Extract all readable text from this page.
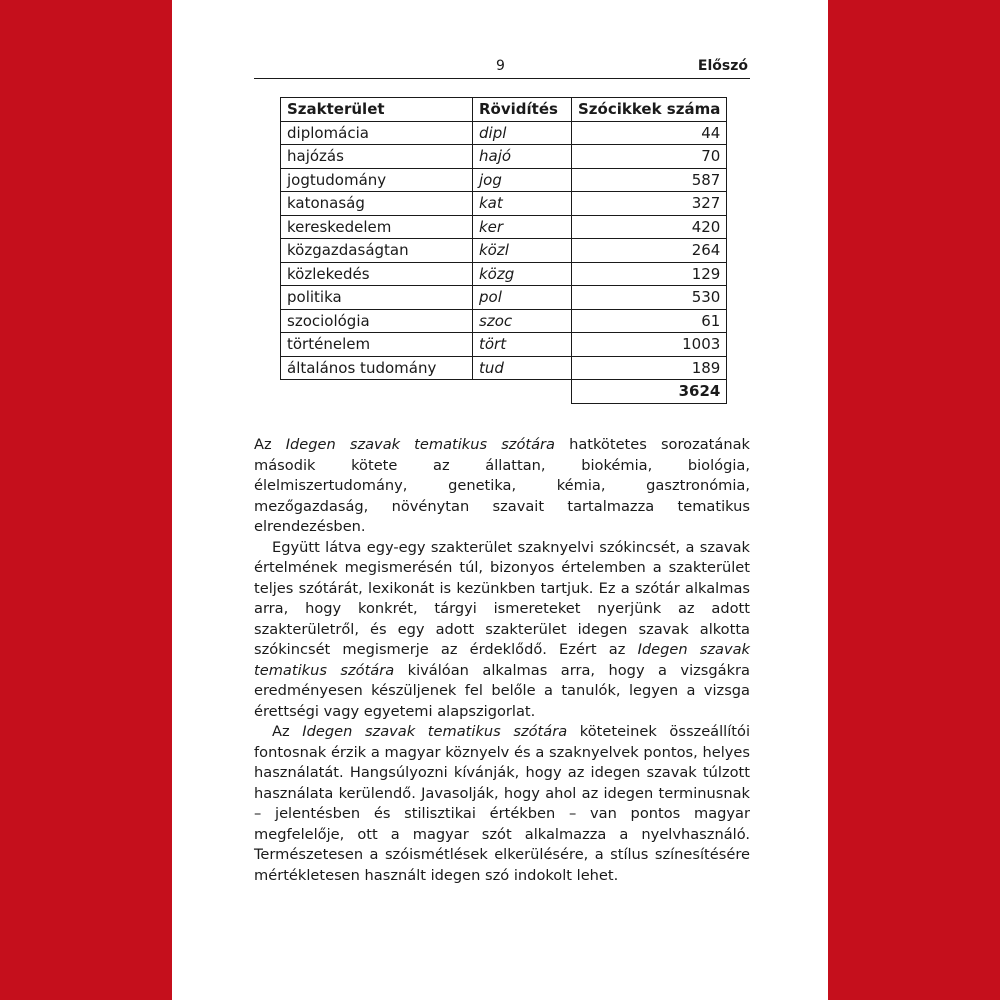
9	Előszó
Szakterület	Rövidítés	Szócikkek száma
diplomácia	dipl	44
hajózás	hajó	70
jogtudomány	jog	587
katonaság	kat	327
kereskedelem	ker	420
közgazdaságtan	közl	264
közlekedés	közg	129
politika	pol	530
szociológia	szoc	61
történelem	tört	1003
általános tudomány	tud	189
		3624

Az Idegen szavak tematikus szótára hatkötetes sorozatának második kötete az állattan, biokémia, biológia, élelmiszertudomány, genetika, kémia, gasztronómia, mezőgazdaság, növénytan szavait tartalmazza tematikus elrendezésben.

Együtt látva egy-egy szakterület szaknyelvi szókincsét, a szavak értelmének megismerésén túl, bizonyos értelemben a szakterület teljes szótárát, lexikonát is kezünkben tartjuk. Ez a szótár alkalmas arra, hogy konkrét, tárgyi ismereteket nyerjünk az adott szakterületről, és egy adott szakterület idegen szavak alkotta szókincsét megismerje az érdeklődő. Ezért az Idegen szavak tematikus szótára kiválóan alkalmas arra, hogy a vizsgákra eredményesen készüljenek fel belőle a tanulók, legyen a vizsga érettségi vagy egyetemi alapszigorlat.

Az Idegen szavak tematikus szótára köteteinek összeállítói fontosnak érzik a magyar köznyelv és a szaknyelvek pontos, helyes használatát. Hangsúlyozni kívánják, hogy az idegen szavak túlzott használata kerülendő. Javasolják, hogy ahol az idegen terminusnak – jelentésben és stilisztikai értékben – van pontos magyar megfelelője, ott a magyar szót alkalmazza a nyelvhasználó. Természetesen a szóismétlések elkerülésére, a stílus színesítésére mértékletesen használt idegen szó indokolt lehet.
